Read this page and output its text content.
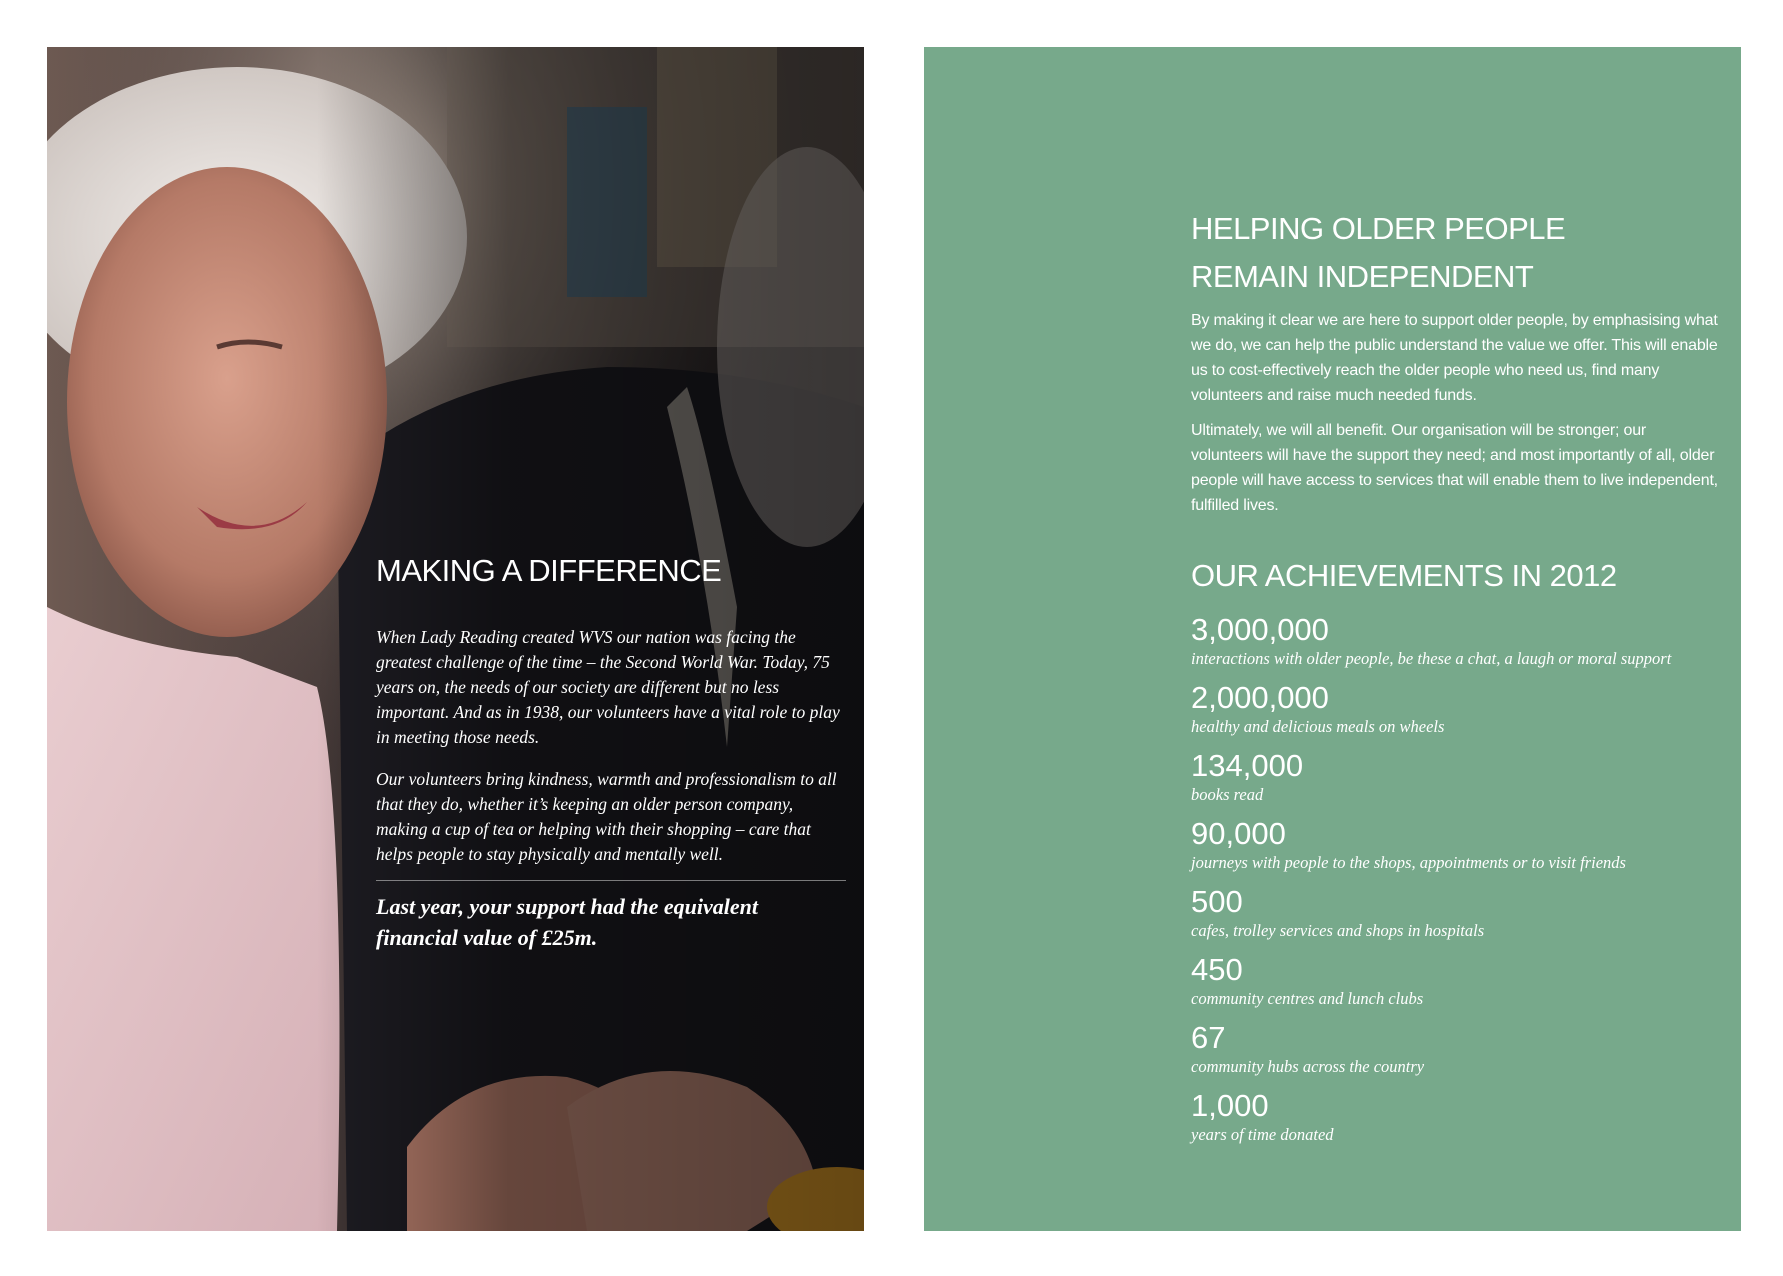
MAKING A DIFFERENCE

When Lady Reading created WVS our nation was facing the greatest challenge of the time – the Second World War. Today, 75 years on, the needs of our society are different but no less important. And as in 1938, our volunteers have a vital role to play in meeting those needs.

Our volunteers bring kindness, warmth and professionalism to all that they do, whether it’s keeping an older person company, making a cup of tea or helping with their shopping – care that helps people to stay physically and mentally well.

Last year, your support had the equivalent financial value of £25m.

HELPING OLDER PEOPLE
REMAIN INDEPENDENT

By making it clear we are here to support older people, by emphasising what we do, we can help the public understand the value we offer. This will enable us to cost-effectively reach the older people who need us, find many volunteers and raise much needed funds.

Ultimately, we will all benefit. Our organisation will be stronger; our volunteers will have the support they need; and most importantly of all, older people will have access to services that will enable them to live independent, fulfilled lives.

OUR ACHIEVEMENTS IN 2012
3,000,000
interactions with older people, be these a chat, a laugh or moral support
2,000,000
healthy and delicious meals on wheels
134,000
books read
90,000
journeys with people to the shops, appointments or to visit friends
500
cafes, trolley services and shops in hospitals
450
community centres and lunch clubs
67
community hubs across the country
1,000
years of time donated
